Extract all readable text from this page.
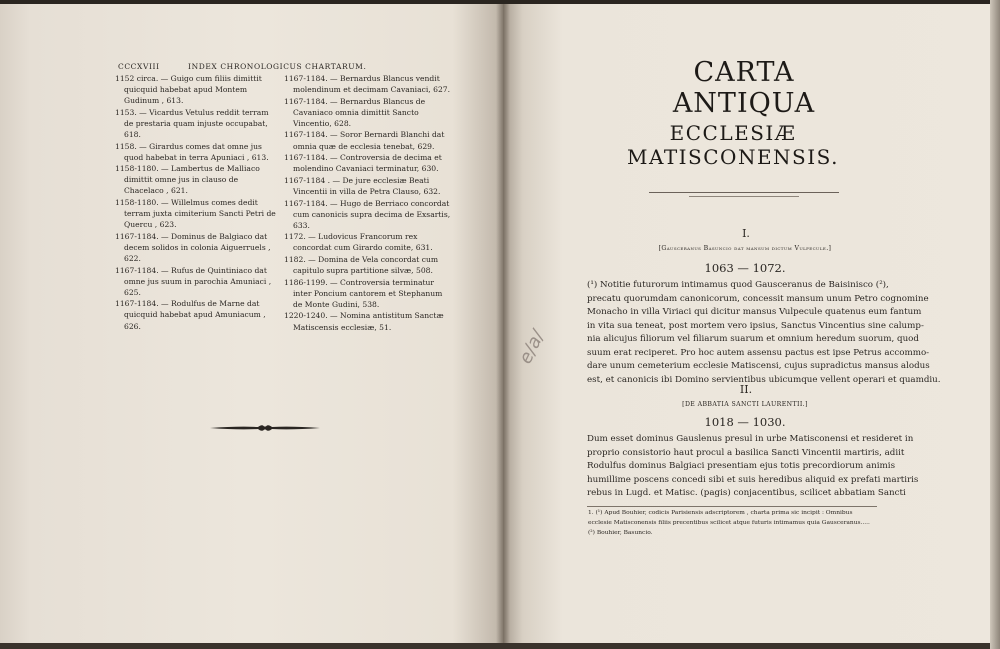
CCCXVIII	INDEX CHRONOLOGICUS CHARTARUM.
1152 circa. — Guigo cum filiis dimittit quicquid habebat apud Montem Gudinum , 613.
1153. — Vicardus Vetulus reddit terram de prestaria quam injuste occupabat, 618.
1158. — Girardus comes dat omne jus quod habebat in terra Apuniaci , 613.
1158-1180. — Lambertus de Malliaco dimittit omne jus in clauso de Chacelaco , 621.
1158-1180. — Willelmus comes dedit terram juxta cimiterium Sancti Petri de Quercu , 623.
1167-1184. — Dominus de Balgiaco dat decem solidos in colonia Aiguerruels , 622.
1167-1184. — Rufus de Quintiniaco dat omne jus suum in parochia Amuniaci , 625.
1167-1184. — Rodulfus de Marne dat quicquid habebat apud Amuniacum , 626.
1167-1184. — Bernardus Blancus vendit molendinum et decimam Cavaniaci, 627.
1167-1184. — Bernardus Blancus de Cavaniaco omnia dimittit Sancto Vincentio, 628.
1167-1184. — Soror Bernardi Blanchi dat omnia quæ de ecclesia tenebat, 629.
1167-1184. — Controversia de decima et molendino Cavaniaci terminatur, 630.
1167-1184 . — De jure ecclesiæ Beati Vincentii in villa de Petra Clauso, 632.
1167-1184. — Hugo de Berriaco concordat cum canonicis supra decima de Exsartis, 633.
1172. — Ludovicus Francorum rex concordat cum Girardo comite, 631.
1182. — Domina de Vela concordat cum capitulo supra partitione silvæ, 508.
1186-1199. — Controversia terminatur inter Poncium cantorem et Stephanum de Monte Gudini, 538.
1220-1240. — Nomina antistitum Sanctæ Matiscensis ecclesiæ, 51.
CARTA ANTIQUA
ECCLESIÆ MATISCONENSIS.
e/a/
I.
[Gausceranus Basuncio dat mansum dictum Vulpecule.]
1063 — 1072.
(¹) Notitie futurorum intimamus quod Gausceranus de Baisinisco (²),
precatu quorumdam canonicorum, concessit mansum unum Petro cognomine
Monacho in villa Viriaci qui dicitur mansus Vulpecule quatenus eum fantum
in vita sua teneat, post mortem vero ipsius, Sanctus Vincentius sine calump-
nia alicujus filiorum vel filiarum suarum et omnium heredum suorum, quod
suum erat reciperet. Pro hoc autem assensu pactus est ipse Petrus accommo-
dare unum cemeterium ecclesie Matiscensi, cujus supradictus mansus alodus
est, et canonicis ibi Domino servientibus ubicumque vellent operari et quamdiu.
II.
[DE ABBATIA SANCTI LAURENTII.]
1018 — 1030.
Dum esset dominus Gauslenus presul in urbe Matisconensi et resideret in
proprio consistorio haut procul a basilica Sancti Vincentii martiris, adiit
Rodulfus dominus Balgiaci presentiam ejus totis precordiorum animis
humillime poscens concedi sibi et suis heredibus aliquid ex prefati martiris
rebus in Lugd. et Matisc. (pagis) conjacentibus, scilicet abbatiam Sancti
1. (¹) Apud Bouhier, codicis Parisiensis adscriptorem , charta prima sic incipit : Omnibus
ecclesie Matisconensis filiis precentibus scilicet atque futuris intimamus quia Gausceranus.....
(²) Bouhier, Basuncio.
